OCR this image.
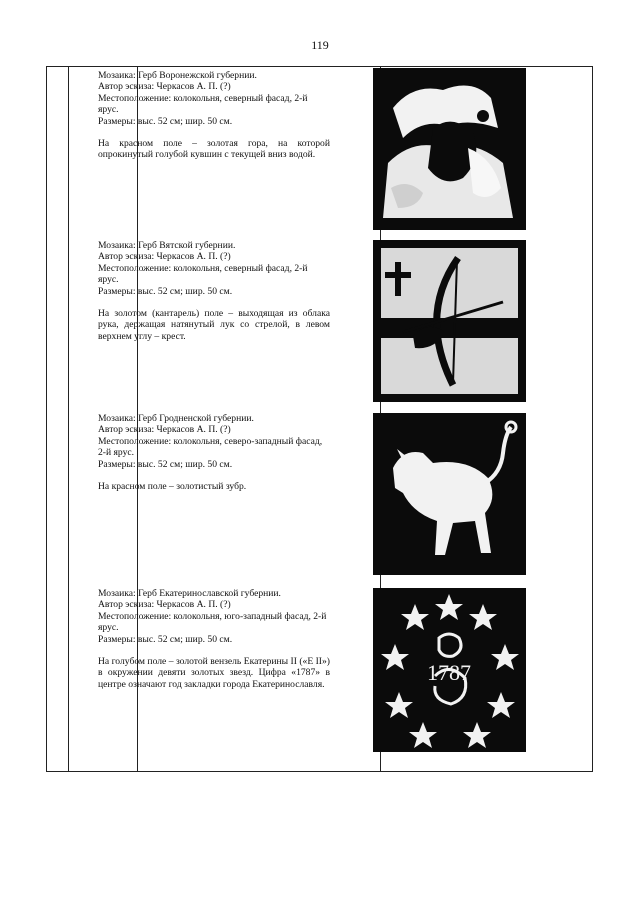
119

Мозаика: Герб Воронежской губернии.

Автор эскиза: Черкасов А. П. (?)

Местоположение: колокольня, северный фасад, 2-й ярус.

Размеры: выс. 52 см; шир. 50 см.

На красном поле – золотая гора, на которой опрокинутый голубой кувшин с текущей вниз водой.

Мозаика: Герб Вятской губернии.

Автор эскиза: Черкасов А. П. (?)

Местоположение: колокольня, северный фасад, 2-й ярус.

Размеры: выс. 52 см; шир. 50 см.

На золотом (кантарель) поле – выходящая из облака рука, держащая натянутый лук со стрелой, в левом верхнем углу – крест.

Мозаика: Герб Гродненской губернии.

Автор эскиза: Черкасов А. П. (?)

Местоположение: колокольня, северо-западный фасад, 2-й ярус.

Размеры: выс. 52 см; шир. 50 см.

На красном поле – золотистый зубр.

Мозаика: Герб Екатеринославской губернии.

Автор эскиза: Черкасов А. П. (?)

Местоположение: колокольня, юго-западный фасад, 2-й ярус.

Размеры: выс. 52 см; шир. 50 см.

На голубом поле – золотой вензель Екатерины II («Е II») в окружении девяти золотых звезд. Цифра «1787» в центре означают год закладки города Екатеринославля.	1787
